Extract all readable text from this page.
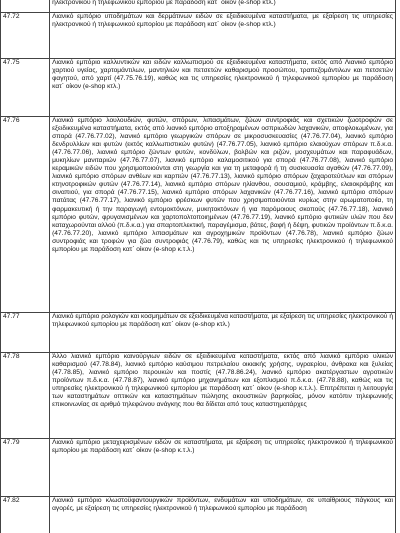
	ηλεκτρονικού ή τηλεφωνικού εμπορίου με παράδοση κατ΄ οίκον (e-shop κτλ.)

47.72	Λιανικό εμπόριο υποδημάτων και δερμάτινων ειδών σε εξειδικευμένα καταστήματα, με εξαίρεση τις υπηρεσίες ηλεκτρονικού ή τηλεφωνικού εμπορίου με παράδοση κατ΄ οίκον (e-shop κτλ.)

47.75	Λιανικό εμπόριο καλλυντικών και ειδών καλλωπισμού σε εξειδικευμένα καταστήματα, εκτός από Λιανικό εμπόριο χαρτιού υγείας, χαρτομάντιλων, μαντηλιών και πετσετών καθαρισμού προσώπου, τραπεζομάντιλων και πετσετών φαγητού, από χαρτί (47.75.76.19), καθώς και τις υπηρεσίες ηλεκτρονικού ή τηλεφωνικού εμπορίου με παράδοση κατ΄ οίκον (e-shop κτλ.)

47.76	Λιανικό εμπόριο λουλουδιών, φυτών, σπόρων, λιπασμάτων, ζώων συντροφιάς και σχετικών ζωοτροφών σε εξειδικευμένα καταστήματα, εκτός από λιανικό εμπόριο αποξηραμένων οσπριωδών λαχανικών, αποφλοιωμένων, για σπορά (47.76.77.02), λιανικό εμπόριο γεωργικών σπόρων σε μικροσυσκευασίες (47.76.77.04), λιανικό εμπόριο δενδρυλλίων και φυτών (εκτός καλλωπιστικών φυτών) (47.76.77.05), λιανικό εμπόριο ελαιούχων σπόρων π.δ.κ.α. (47.76.77.06), λιανικό εμπόριο ζώντων φυτών, κονδύλων, βολβών και ριζών, μοσχευμάτων και παραφυάδων, μυκηλίων μανιταριών (47.76.77.07), λιανικό εμπόριο καλαμοσιτικού για σπορά (47.76.77.08), λιανικό εμπόριο κεραμικών ειδών που χρησιμοποιούνται στη γεωργία και για τη μεταφορά ή τη συσκευασία αγαθών (47.76.77.09), λιανικό εμπόριο σπόρων ανθέων και καρπών (47.76.77.13), λιανικό εμπόριο σπόρων ζαχαροτεύτλων και σπόρων κτηνοτροφικών φυτών (47.76.77.14), λιανικό εμπόριο σπόρων ηλίανθου, σουσαμιού, κράμβης, ελαιοκράμβης και σιναπιού, για σπορά (47.76.77.15), λιανικό εμπόριο σπόρων λαχανικών (47.76.77.16), λιανικό εμπόριο σπόρων πατάτας (47.76.77.17), λιανικό εμπόριο φρέσκων φυτών που χρησιμοποιούνται κυρίως στην αρωματοποιία, τη φαρμακευτική ή την παραγωγή εντομοκτόνων, μυκητοκτόνων ή για παρόμοιους σκοπούς (47.76.77.18), λιανικό εμπόριο φυτών, φρυγανισμένων και χαρτοπολτοποιημένων (47.76.77.19), λιανικό εμπόριο φυτικών υλών που δεν καταχωρούνται αλλού (π.δ.κ.α.) για σπαρτοπλεκτική, παραγέμισμα, βάτες, βαφή ή δέψη, φυτικών προϊόντων π.δ.κ.α. (47.76.77.20), λιανικό εμπόριο λιπασμάτων και αγροχημικών προϊόντων (47.76.78), λιανικό εμπόριο ζώων συντροφιάς και τροφών για ζώα συντροφιάς (47.76.79), καθώς και τις υπηρεσίες ηλεκτρονικού ή τηλεφωνικού εμπορίου με παράδοση κατ΄ οίκον (e-shop κ.τ.λ.)

47.77	Λιανικό εμπόριο ρολογιών και κοσμημάτων σε εξειδικευμένα καταστήματα, με εξαίρεση τις υπηρεσίες ηλεκτρονικού ή τηλεφωνικού εμπορίου με παράδοση κατ΄ οίκον (e-shop κτλ.)

47.78	Άλλο λιανικό εμπόριο καινούργιων ειδών σε εξειδικευμένα καταστήματα, εκτός από λιανικό εμπόριο υλικών καθαρισμού (47.78.84), λιανικό εμπόριο καύσιμου πετρελαίου οικιακής χρήσης, υγραερίου, άνθρακα και ξυλείας (47.78.85), λιανικό εμπόριο περουκών και ποστίς (47.78.86.24), λιανικό εμπόριο ακατέργαστων αγροτικών προϊόντων π.δ.κ.α. (47.78.87), λιανικό εμπόριο μηχανημάτων και εξοπλισμού π.δ.κ.α. (47.78.88), καθώς και τις υπηρεσίες ηλεκτρονικού ή τηλεφωνικού εμπορίου με παράδοση κατ΄ οίκον (e-shop κ.τ.λ.). Επιτρέπεται η λειτουργία των καταστημάτων οπτικών και καταστημάτων πώλησης ακουστικών βαρηκοΐας, μόνον κατόπιν τηλεφωνικής επικοινωνίας σε αριθμό τηλεφώνου ανάγκης που θα δίδεται από τους καταστηματάρχες

47.79	Λιανικό εμπόριο μεταχειρισμένων ειδών σε καταστήματα, με εξαίρεση τις υπηρεσίες ηλεκτρονικού ή τηλεφωνικού εμπορίου με παράδοση κατ΄ οίκον (e-shop κ.τ.λ.)

47.82	Λιανικό εμπόριο κλωστοϋφαντουργικών προϊόντων, ενδυμάτων και υποδημάτων, σε υπαίθριους πάγκους και αγορές, με εξαίρεση τις υπηρεσίες ηλεκτρονικού ή τηλεφωνικού εμπορίου με παράδοση
